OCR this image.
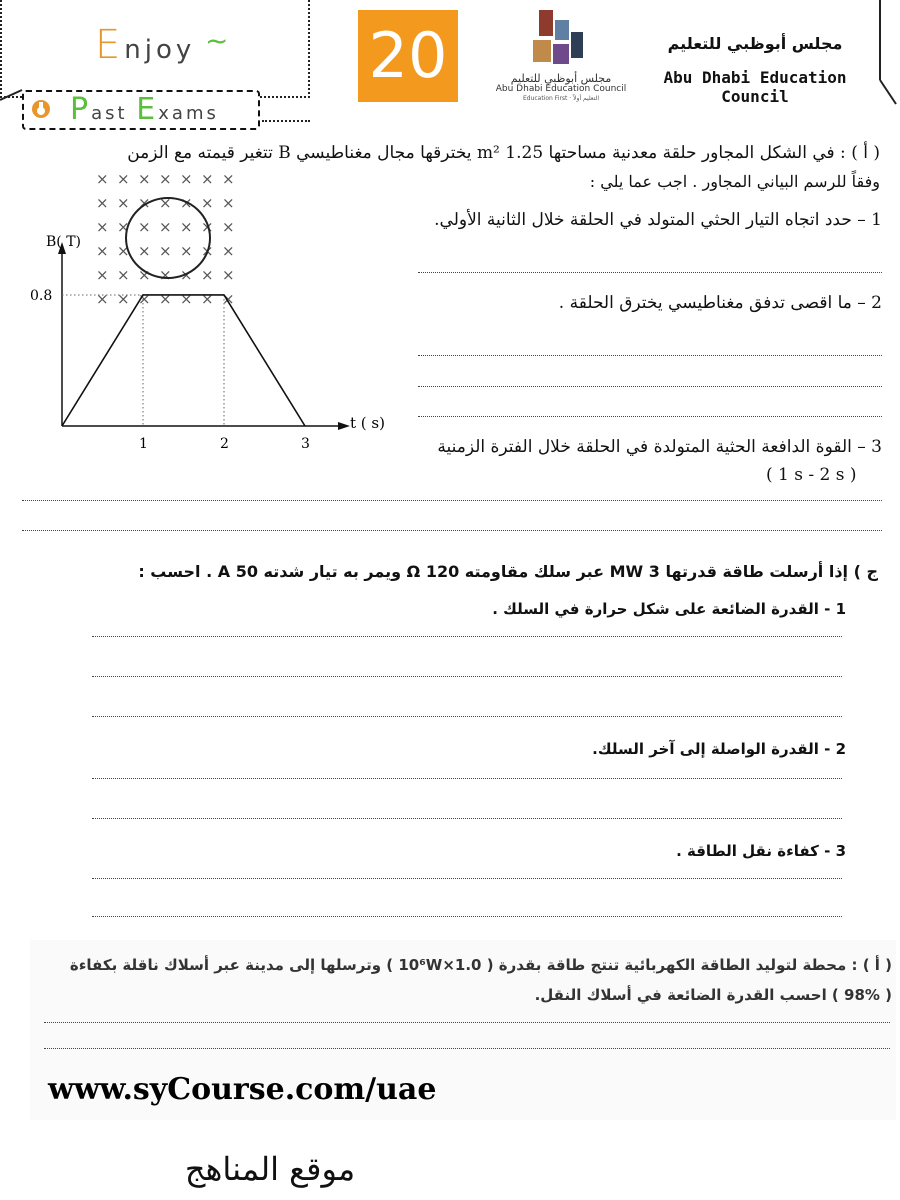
Enjoy ~
Past Exams
20	مجلس أبوظبي للتعليم
Abu Dhabi Education Council
Education First · التعليم أولاً
مجلس أبوظبي للتعليم
Abu Dhabi Education Council
( أ ) : في الشكل المجاور حلقة معدنية مساحتها 1.25 m² يخترقها مجال مغناطيسي B تتغير قيمته مع الزمن
وفقاً للرسم البياني المجاور . اجب عما يلي :
× × × × × × ×
× × × × × × ×
× × × × × × ×
× × × × × × ×
× × × × × × ×
× × × × × × ×
B( T)
t ( s)
1	2	3
0.8
1 – حدد اتجاه التيار الحثي المتولد في الحلقة خلال الثانية الأولي.
2 – ما اقصى تدفق مغناطيسي يخترق الحلقة .
3 – القوة الدافعة الحثية المتولدة في الحلقة خلال الفترة الزمنية
( 1 s - 2 s )
ج ) إذا أرسلت طاقة قدرتها 3 MW عبر سلك مقاومته 120 Ω ويمر به تيار شدته 50 A . احسب :
1 - القدرة الضائعة على شكل حرارة في السلك .
2 - القدرة الواصلة إلى آخر السلك.
3 - كفاءة نقل الطاقة .
( أ ) : محطة لتوليد الطاقة الكهربائية تنتج طاقة بقدرة ( 1.0×10⁶W ) وترسلها إلى مدينة عبر أسلاك ناقلة بكفاءة
( 98% ) احسب القدرة الضائعة في أسلاك النقل.
www.syCourse.com/uae
موقع المناهج
